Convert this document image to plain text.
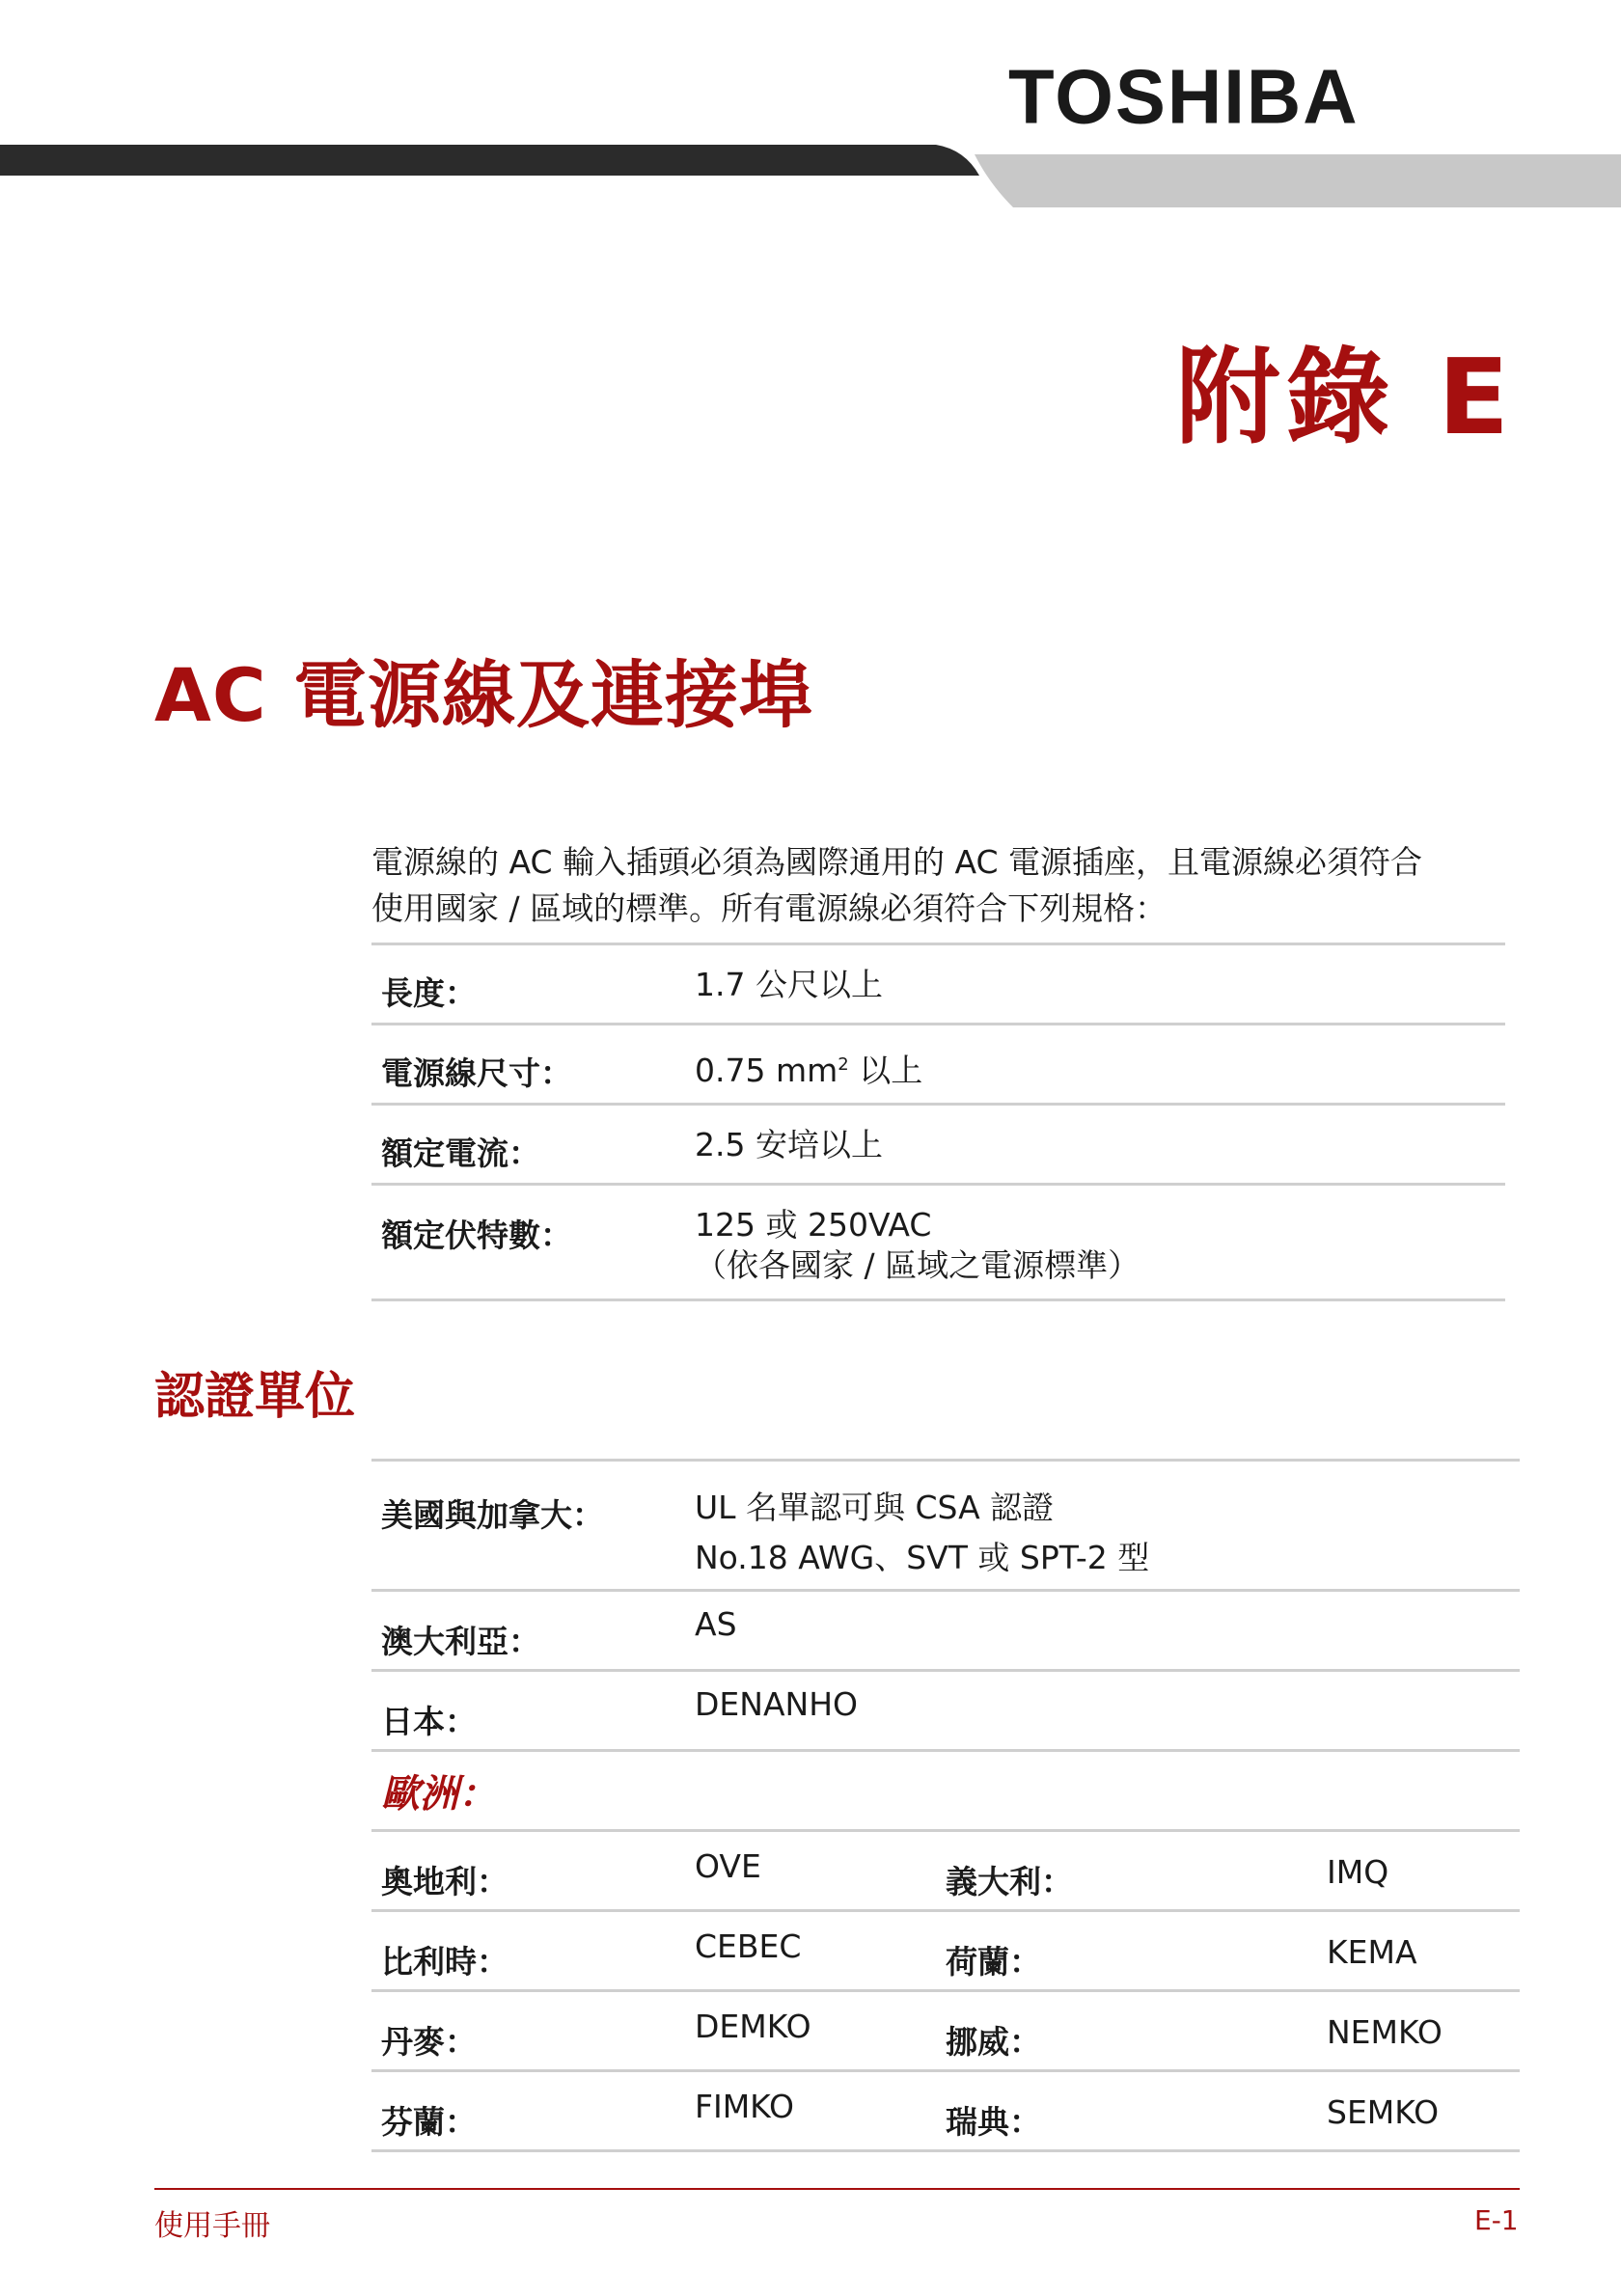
TOSHIBA
附錄 E
AC 電源線及連接埠
電源線的 AC 輸入插頭必須為國際通用的 AC 電源插座，且電源線必須符合
使用國家 / 區域的標準。所有電源線必須符合下列規格：
長度：	1.7 公尺以上
電源線尺寸：	0.75 $mm^2$ 以上
額定電流：	2.5 安培以上
額定伏特數：	125 或 250VAC
（依各國家 / 區域之電源標準）
認證單位
美國與加拿大：	UL 名單認可與 CSA 認證
No.18 AWG、SVT 或 SPT-2 型
澳大利亞：	AS
日本：	DENANHO
歐洲：
奧地利：	OVE	義大利：	IMQ
比利時：	CEBEC	荷蘭：	KEMA
丹麥：	DEMKO	挪威：	NEMKO
芬蘭：	FIMKO	瑞典：	SEMKO
使用手冊	E-1
